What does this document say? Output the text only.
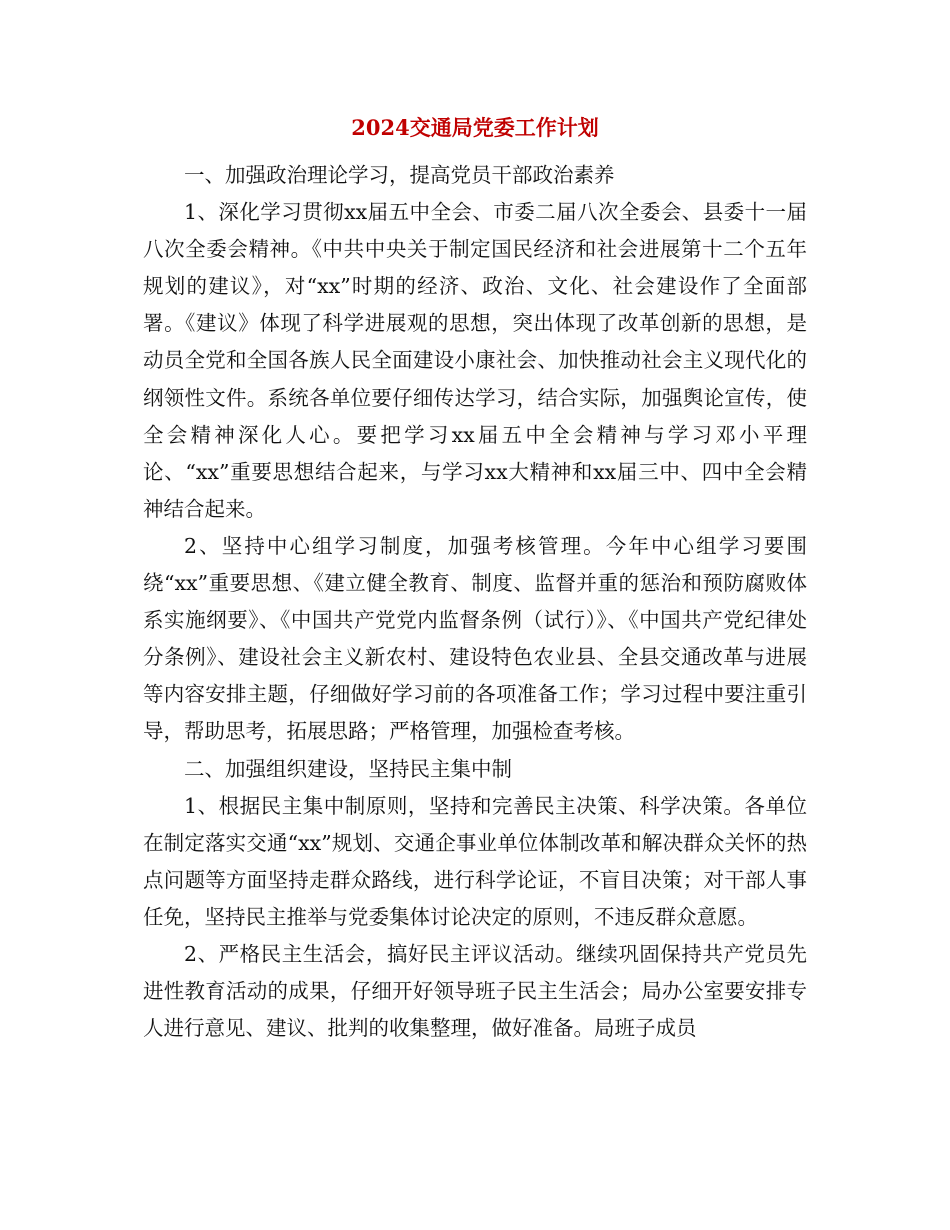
2024交通局党委工作计划

一、加强政治理论学习，提高党员干部政治素养

1、深化学习贯彻xx届五中全会、市委二届八次全委会、县委十一届八次全委会精神。《中共中央关于制定国民经济和社会进展第十二个五年规划的建议》，对“xx”时期的经济、政治、文化、社会建设作了全面部署。《建议》体现了科学进展观的思想，突出体现了改革创新的思想，是动员全党和全国各族人民全面建设小康社会、加快推动社会主义现代化的纲领性文件。系统各单位要仔细传达学习，结合实际，加强舆论宣传，使全会精神深化人心。要把学习xx届五中全会精神与学习邓小平理论、“xx”重要思想结合起来，与学习xx大精神和xx届三中、四中全会精神结合起来。

2、坚持中心组学习制度，加强考核管理。今年中心组学习要围绕“xx”重要思想、《建立健全教育、制度、监督并重的惩治和预防腐败体系实施纲要》、《中国共产党党内监督条例（试行）》、《中国共产党纪律处分条例》、建设社会主义新农村、建设特色农业县、全县交通改革与进展等内容安排主题，仔细做好学习前的各项准备工作；学习过程中要注重引导，帮助思考，拓展思路；严格管理，加强检查考核。

二、加强组织建设，坚持民主集中制

1、根据民主集中制原则，坚持和完善民主决策、科学决策。各单位在制定落实交通“xx”规划、交通企事业单位体制改革和解决群众关怀的热点问题等方面坚持走群众路线，进行科学论证，不盲目决策；对干部人事任免，坚持民主推举与党委集体讨论决定的原则，不违反群众意愿。

2、严格民主生活会，搞好民主评议活动。继续巩固保持共产党员先进性教育活动的成果，仔细开好领导班子民主生活会；局办公室要安排专人进行意见、建议、批判的收集整理，做好准备。局班子成员
